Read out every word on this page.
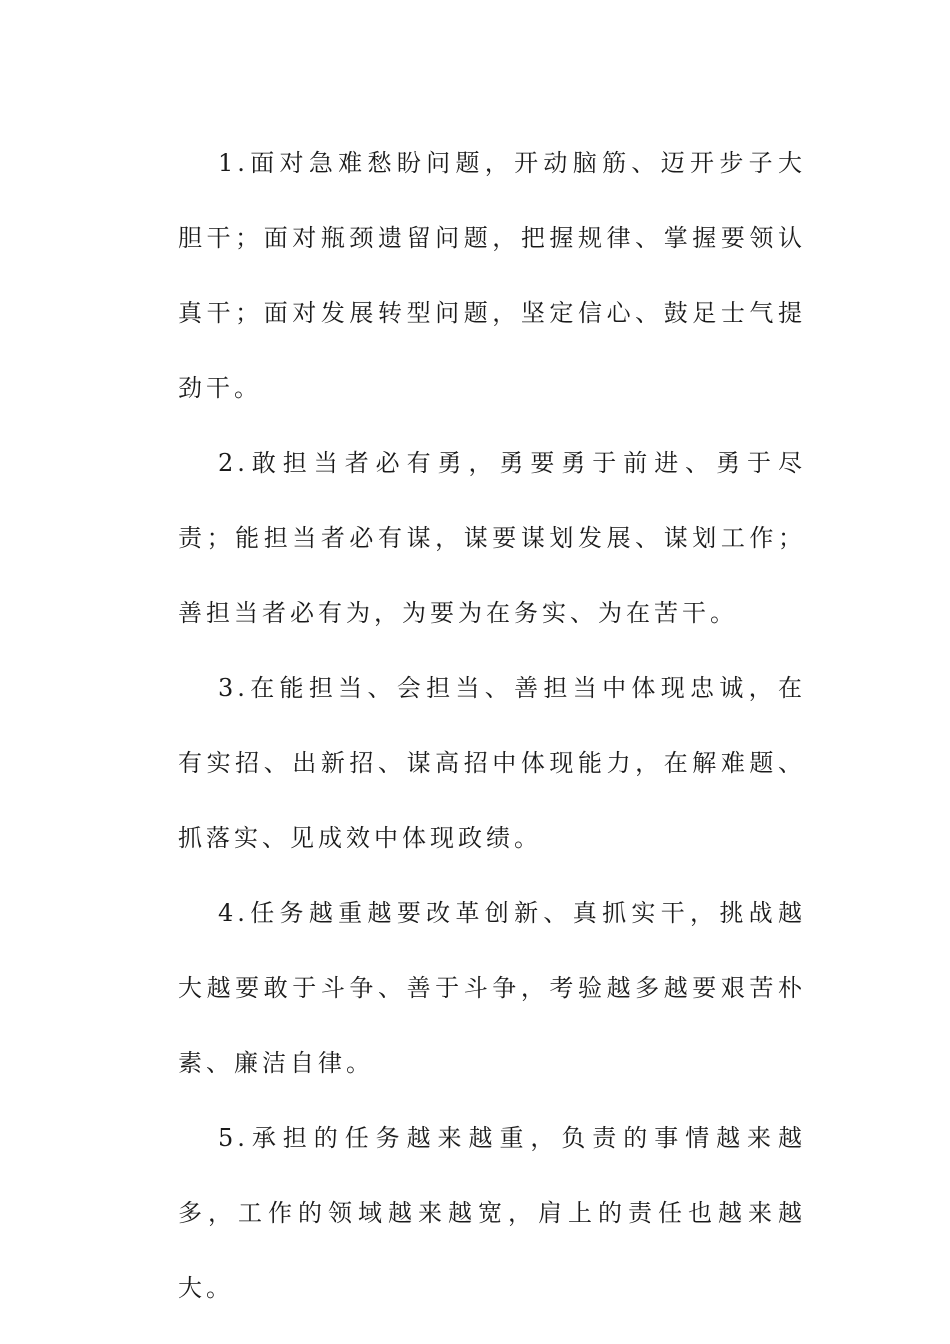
1.面对急难愁盼问题，开动脑筋、迈开步子大胆干；面对瓶颈遗留问题，把握规律、掌握要领认真干；面对发展转型问题，坚定信心、鼓足士气提劲干。

2.敢担当者必有勇，勇要勇于前进、勇于尽责；能担当者必有谋，谋要谋划发展、谋划工作；善担当者必有为，为要为在务实、为在苦干。

3.在能担当、会担当、善担当中体现忠诚，在有实招、出新招、谋高招中体现能力，在解难题、抓落实、见成效中体现政绩。

4.任务越重越要改革创新、真抓实干，挑战越大越要敢于斗争、善于斗争，考验越多越要艰苦朴素、廉洁自律。

5.承担的任务越来越重，负责的事情越来越多，工作的领域越来越宽，肩上的责任也越来越大。
